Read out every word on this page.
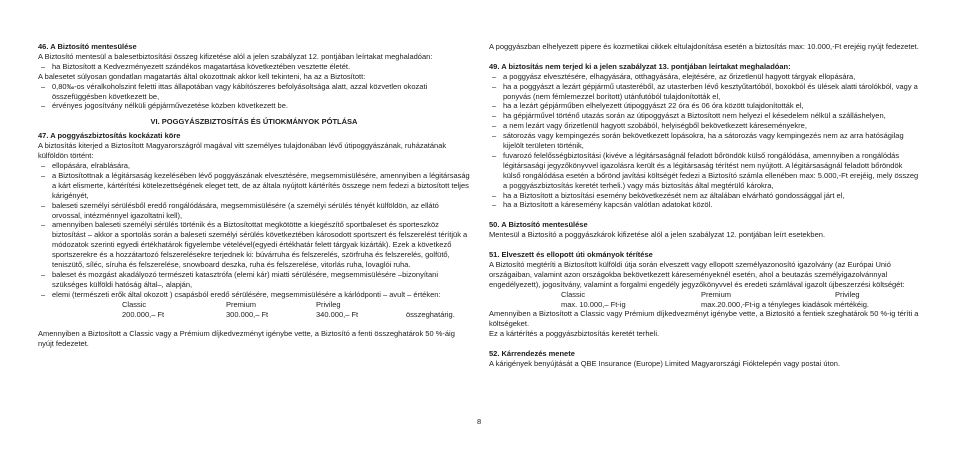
46. A Biztosító mentesülése

A Biztosító mentesül a balesetbiztosítási összeg kifizetése alól a jelen szabályzat 12. pontjában leírtakat meghaladóan:

– ha Biztosított a Kedvezményezett szándékos magatartása következtében vesztette életét.

A balesetet súlyosan gondatlan magatartás által okozottnak akkor kell tekinteni, ha az a Biztosított:

– 0,80‰-os véralkoholszint feletti ittas állapotában vagy kábítószeres befolyásoltsága alatt, azzal közvetlen okozati összefüggésben következett be,

– érvényes jogosítvány nélküli gépjárművezetése közben következett be.

VI. POGGYÁSZBIZTOSÍTÁS ÉS ÚTIOKMÁNYOK PÓTLÁSA

47. A poggyászbiztosítás kockázati köre

A biztosítás kiterjed a Biztosított Magyarországról magával vitt személyes tulajdonában lévő útipoggyászának, ruházatának külföldön történt:

– ellopására, elrablására,

– a Biztosítottnak a légitársaság kezelésében lévő poggyászának elvesztésére, megsemmisülésére, amennyiben a légitársaság a kárt elismerte, kártérítési kötelezettségének eleget tett, de az általa nyújtott kártérítés összege nem fedezi a biztosított teljes kárigényét,

– baleseti személyi sérülésből eredő rongálódására, megsemmisülésére (a személyi sérülés tényét külföldön, az ellátó orvossal, intézménnyel igazoltatni kell),

– amennyiben baleseti személyi sérülés történik és a Biztosítottat megkötötte a kiegészítő sportbaleset és sporteszköz biztosítást – akkor a sportolás során a baleseti személyi sérülés következtében károsodott sportszert és felszerelést térítjük a módozatok szerinti egyedi értékhatárok figyelembe vételével(egyedi értékhatár felett tárgyak kizárták). Ezek a következő sportszerekre és a hozzátartozó felszerelésekre terjednek ki: búvárruha és felszerelés, szörfruha és felszerelés, golfütő, teniszütő, síléc, síruha és felszerelése, snowboard deszka, ruha és felszerelése, vitorlás ruha, lovaglói ruha.

– baleset és mozgást akadályozó természeti katasztrófa (elemi kár) miatti sérülésére, megsemmisülésére –bizonyítani szükséges külföldi hatóság által–, alapján,

– elemi (természeti erők által okozott ) csapásból eredő sérülésére, megsemmisülésére a kárlódponti – avult – értéken:

Classic	Premium	Privileg	
200.000,– Ft	300.000,– Ft	340.000,– Ft	összeghatárig.

Amennyiben a Biztosított a Classic vagy a Prémium díjkedvezményt igénybe vette, a Biztosító a fenti összeghatárok 50 %-áig nyújt fedezetet.

8

A poggyászban elhelyezett pipere és kozmetikai cikkek eltulajdonítása esetén a biztosítás max: 10.000,-Ft erejéig nyújt fedezetet.

49. A biztosítás nem terjed ki a jelen szabályzat 13. pontjában leírtakat meghaladóan:

– a poggyász elvesztésére, elhagyására, otthagyására, elejtésére, az őrizetlenül hagyott tárgyak ellopására,

– ha a poggyászt a lezárt gépjármű utasteréből, az utasterben lévő kesztyűtartóból, boxokból és ülések alatti tárolókból, vagy a ponyvás (nem fémlemezzel borított) utánfutóból tulajdonították el,

– ha a lezárt gépjárműben elhelyezett útipoggyászt 22 óra és 06 óra között tulajdonították el,

– ha gépjárművel történő utazás során az útipoggyászt a Biztosított nem helyezi el késedelem nélkül a szálláshelyen,

– a nem lezárt vagy őrizetlenül hagyott szobából, helyiségből bekövetkezett káreseményekre,

– sátorozás vagy kempingezés során bekövetkezett lopásokra, ha a sátorozás vagy kempingezés nem az arra hatóságilag kijelölt területen történik,

– fuvarozó felelősségbiztosítási (kivéve a légitársaságnál feladott bőröndök külső rongálódása, amennyiben a rongálódás légitársasági jegyzőkönyvvel igazolásra került és a légitársaság térítést nem nyújtott. A légitársaságnál feladott bőröndök külső rongálódása esetén a bőrönd javítási költségét fedezi a Biztosító számla ellenében max: 5.000,-Ft erejéig, mely összeg a poggyászbiztosítás keretét terheli.) vagy más biztosítás által megtérülő károkra,

– ha a Biztosított a biztosítási esemény bekövetkezését nem az általában elvárható gondossággal járt el,

– ha a Biztosított a káresemény kapcsán valótlan adatokat közöl.

50. A Biztosító mentesülése

Mentesül a Biztosító a poggyászkárok kifizetése alól a jelen szabályzat 12. pontjában leírt esetekben.

51. Elveszett és ellopott úti okmányok térítése

A Biztosító megtéríti a Biztosított külföldi útja során elveszett vagy ellopott személyazonosító igazolvány (az Európai Unió országaiban, valamint azon országokba bekövetkezett káreseményeknél esetén, ahol a beutazás személyigazolvánnyal engedélyezett), jogosítvány, valamint a forgalmi engedély jegyzőkönyvvel és eredeti számlával igazolt újbeszerzési költségét:

Classic	Premium	Privileg
max. 10.000,– Ft-ig	max.20.000,-Ft-ig a tényleges kiadások mértékéig.	

Amennyiben a Biztosított a Classic vagy Prémium díjkedvezményt igénybe vette, a Biztosító a fentiek szeghatárok 50 %-ig téríti a költségeket.

Ez a kártérítés a poggyászbiztosítás keretét terheli.

52. Kárrendezés menete

A kárigények benyújtását a QBE Insurance (Europe) Limited Magyarországi Fióktelepén vagy postai úton.
